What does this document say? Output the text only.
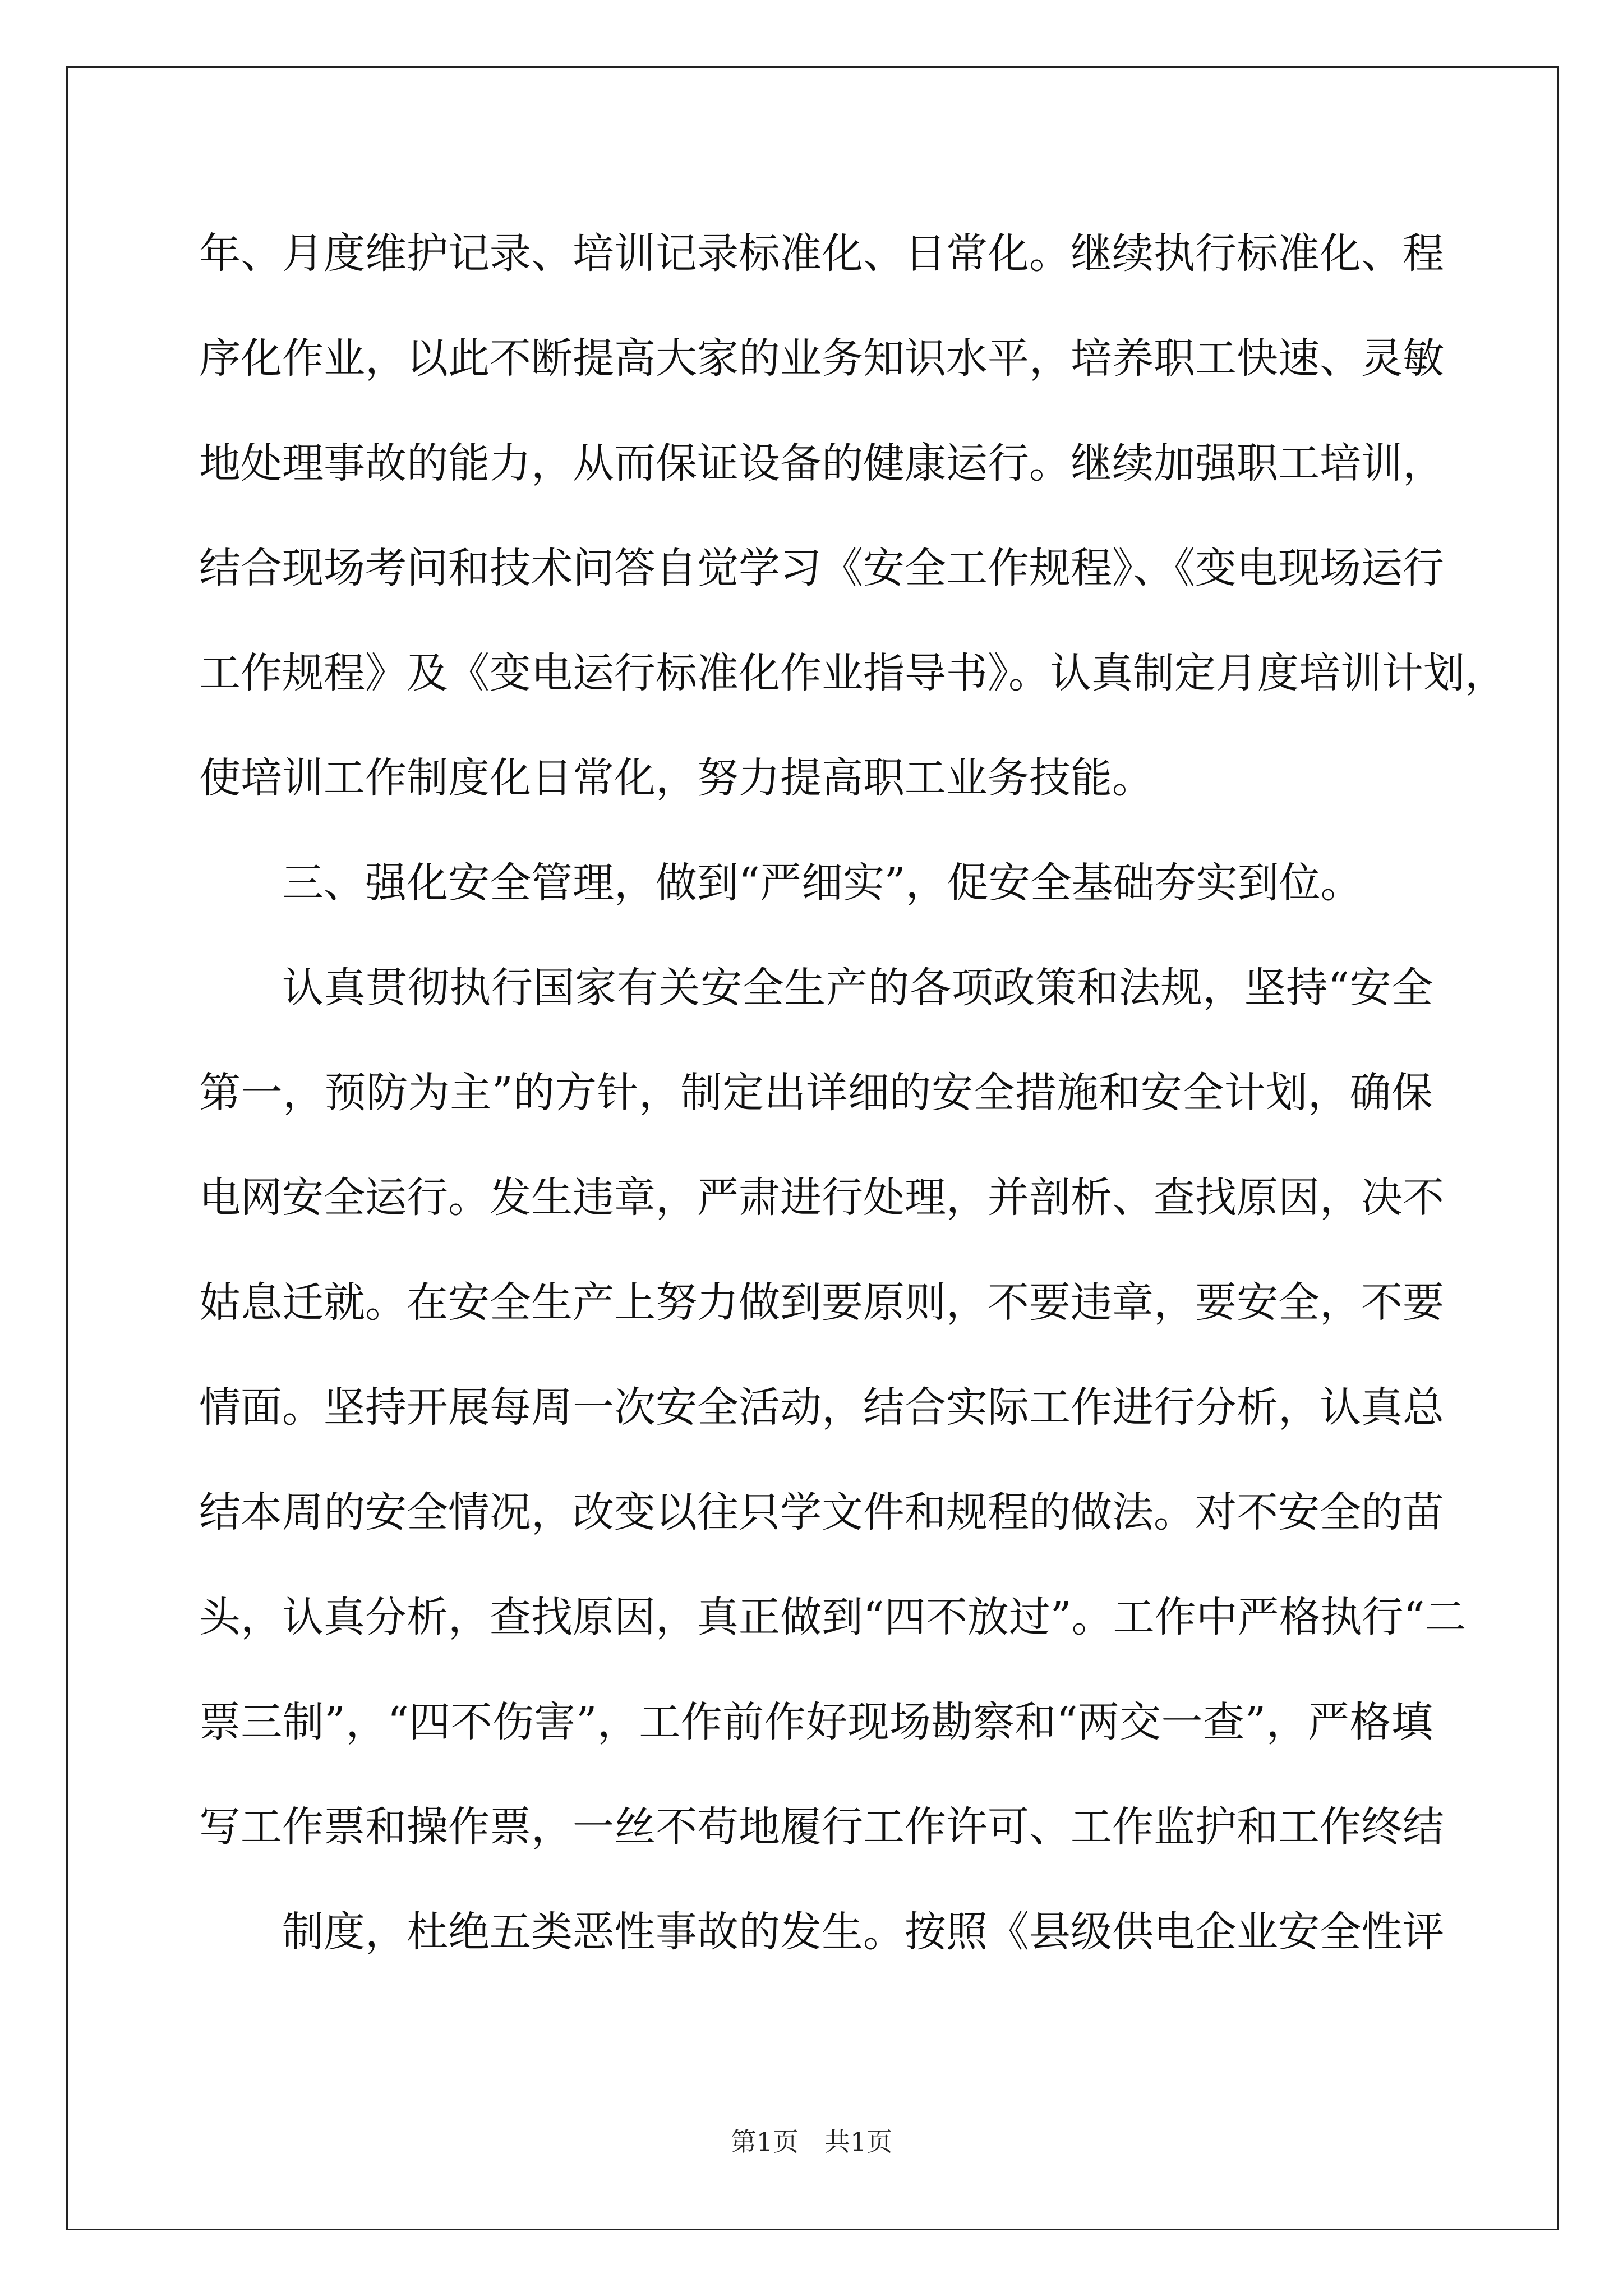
年、月度维护记录、培训记录标准化、日常化。继续执行标准化、程
序化作业，以此不断提高大家的业务知识水平，培养职工快速、灵敏
地处理事故的能力，从而保证设备的健康运行。继续加强职工培训，
结合现场考问和技术问答自觉学习《安全工作规程》、《变电现场运行
工作规程》及《变电运行标准化作业指导书》。认真制定月度培训计划，
使培训工作制度化日常化，努力提高职工业务技能。
三、强化安全管理，做到“严细实”，促安全基础夯实到位。
认真贯彻执行国家有关安全生产的各项政策和法规，坚持“安全
第一，预防为主”的方针，制定出详细的安全措施和安全计划，确保
电网安全运行。发生违章，严肃进行处理，并剖析、查找原因，决不
姑息迁就。在安全生产上努力做到要原则，不要违章，要安全，不要
情面。坚持开展每周一次安全活动，结合实际工作进行分析，认真总
结本周的安全情况，改变以往只学文件和规程的做法。对不安全的苗
头，认真分析，查找原因，真正做到“四不放过”。工作中严格执行“二
票三制”，“四不伤害”，工作前作好现场勘察和“两交一查”，严格填
写工作票和操作票，一丝不苟地履行工作许可、工作监护和工作终结
制度，杜绝五类恶性事故的发生。按照《县级供电企业安全性评
第1页　共1页
